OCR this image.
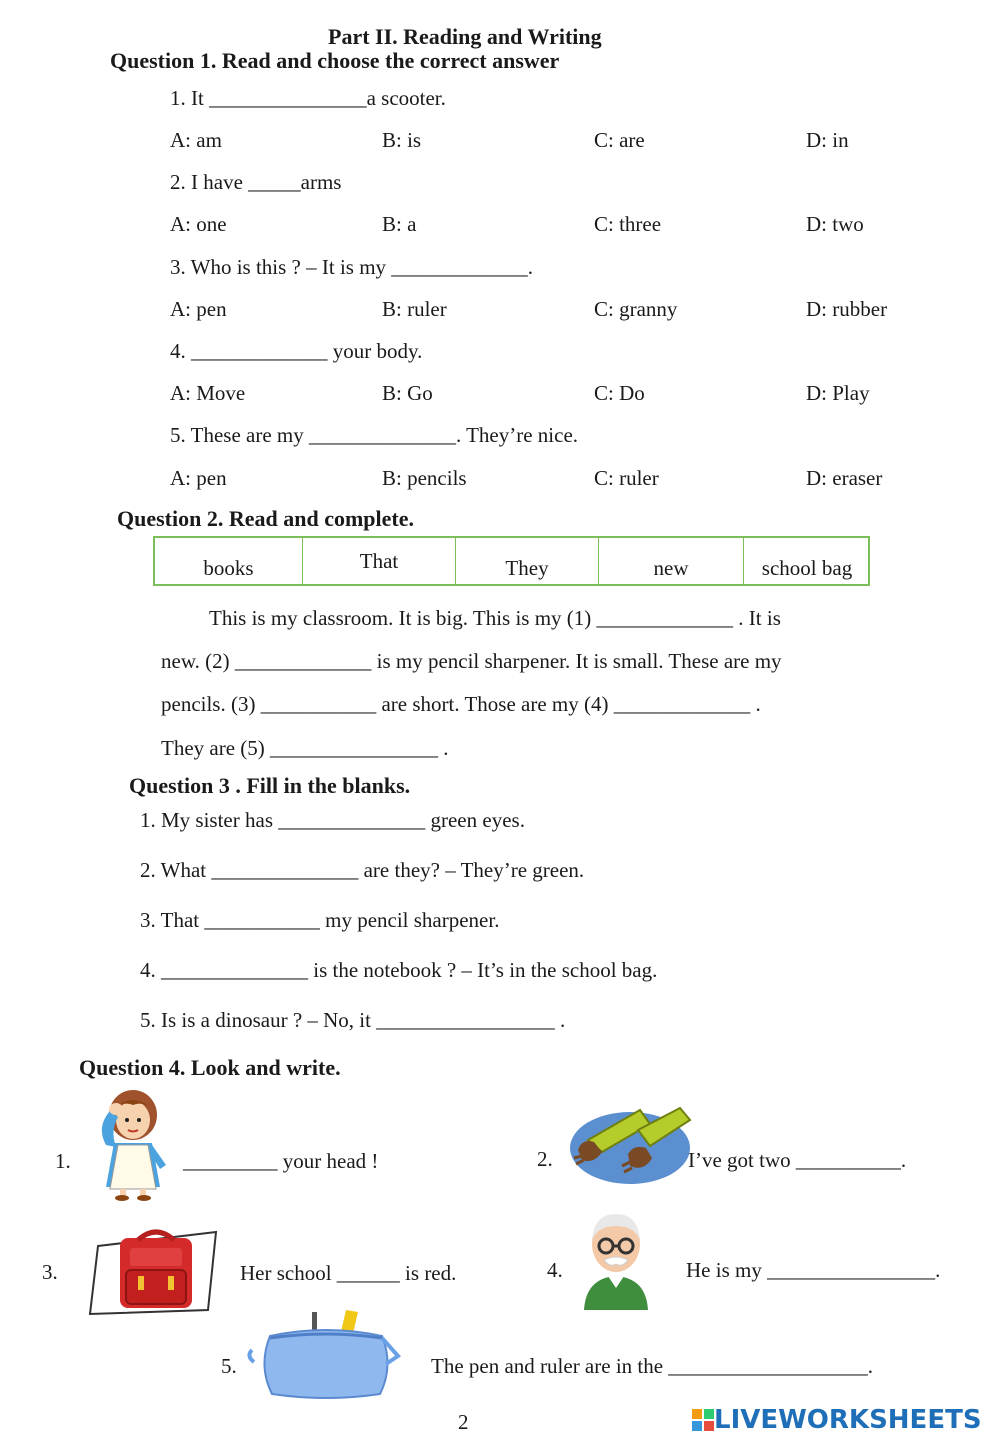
Part II. Reading and Writing
Question 1. Read and choose the correct answer
1. It _______________a scooter.
A: am	B: is	C: are	D: in
2. I have _____arms
A: one	B: a	C: three	D: two
3. Who is this ? – It is my _____________.
A: pen	B: ruler	C: granny	D: rubber
4. _____________ your body.
A: Move	B: Go	C: Do	D: Play
5. These are my ______________. They’re nice.
A: pen	B: pencils	C: ruler	D: eraser
Question 2. Read and complete.
books	That	They	new	school bag
This is my classroom. It is big. This is my (1) _____________ . It is
new. (2) _____________ is my pencil sharpener. It is small. These are my
pencils. (3) ___________ are short. Those are my (4) _____________ .
They are (5) ________________ .
Question 3 . Fill in the blanks.
1. My sister has ______________ green eyes.
2. What ______________ are they? – They’re green.
3. That ___________ my pencil sharpener.
4. ______________ is the notebook ? – It’s in the school bag.
5. Is is a dinosaur ? – No, it _________________ .
Question 4. Look and write.
1.	_________ your head !	2.	I’ve got two __________.
3.	Her school ______ is red.	4.	He is my ________________.
5.	The pen and ruler are in the ___________________.
2	LIVEWORKSHEETS
